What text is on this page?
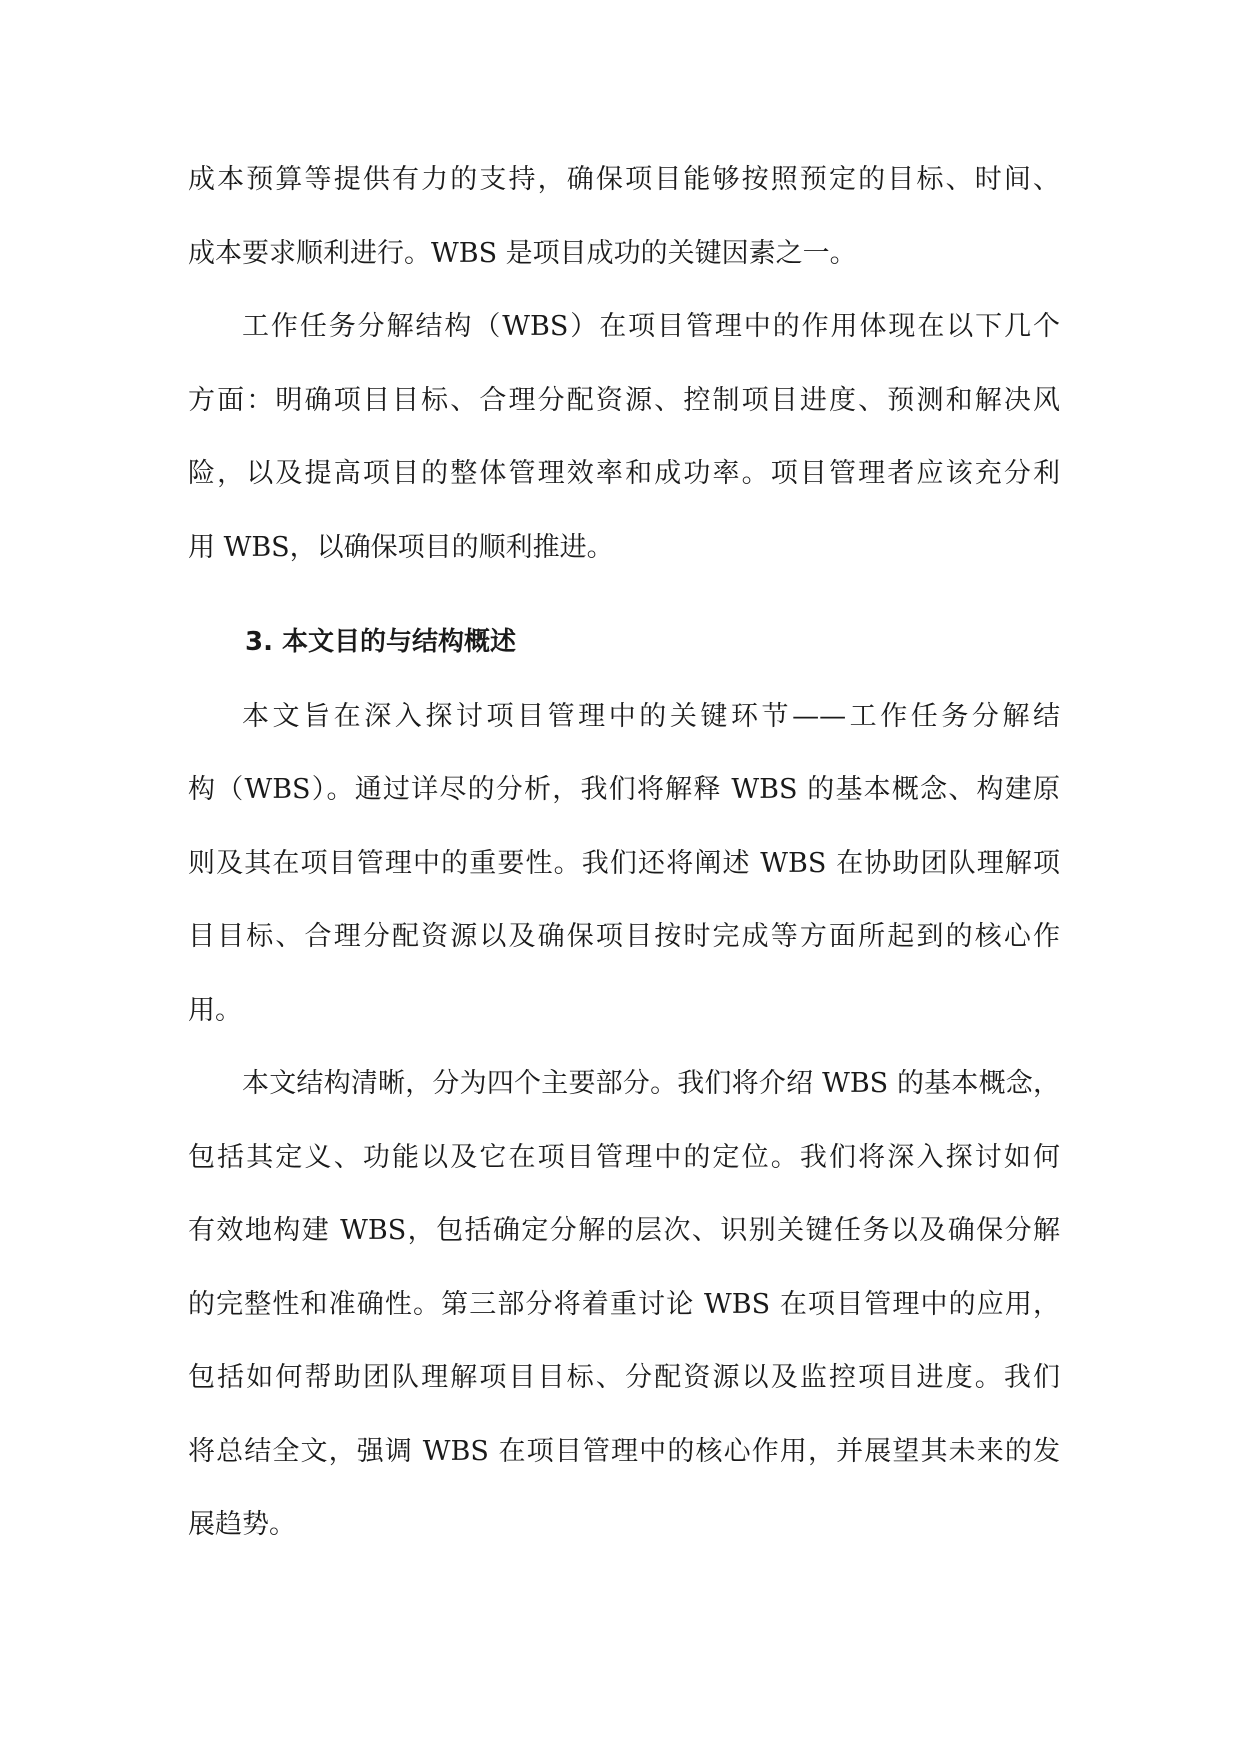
成本预算等提供有力的支持，确保项目能够按照预定的目标、时间、
成本要求顺利进行。WBS 是项目成功的关键因素之一。

工作任务分解结构（WBS）在项目管理中的作用体现在以下几个
方面：明确项目目标、合理分配资源、控制项目进度、预测和解决风
险，以及提高项目的整体管理效率和成功率。项目管理者应该充分利
用 WBS，以确保项目的顺利推进。

3. 本文目的与结构概述

本文旨在深入探讨项目管理中的关键环节——工作任务分解结
构（WBS）。通过详尽的分析，我们将解释 WBS 的基本概念、构建原
则及其在项目管理中的重要性。我们还将阐述 WBS 在协助团队理解项
目目标、合理分配资源以及确保项目按时完成等方面所起到的核心作
用。

本文结构清晰，分为四个主要部分。我们将介绍 WBS 的基本概念，
包括其定义、功能以及它在项目管理中的定位。我们将深入探讨如何
有效地构建 WBS，包括确定分解的层次、识别关键任务以及确保分解
的完整性和准确性。第三部分将着重讨论 WBS 在项目管理中的应用，
包括如何帮助团队理解项目目标、分配资源以及监控项目进度。我们
将总结全文，强调 WBS 在项目管理中的核心作用，并展望其未来的发
展趋势。
